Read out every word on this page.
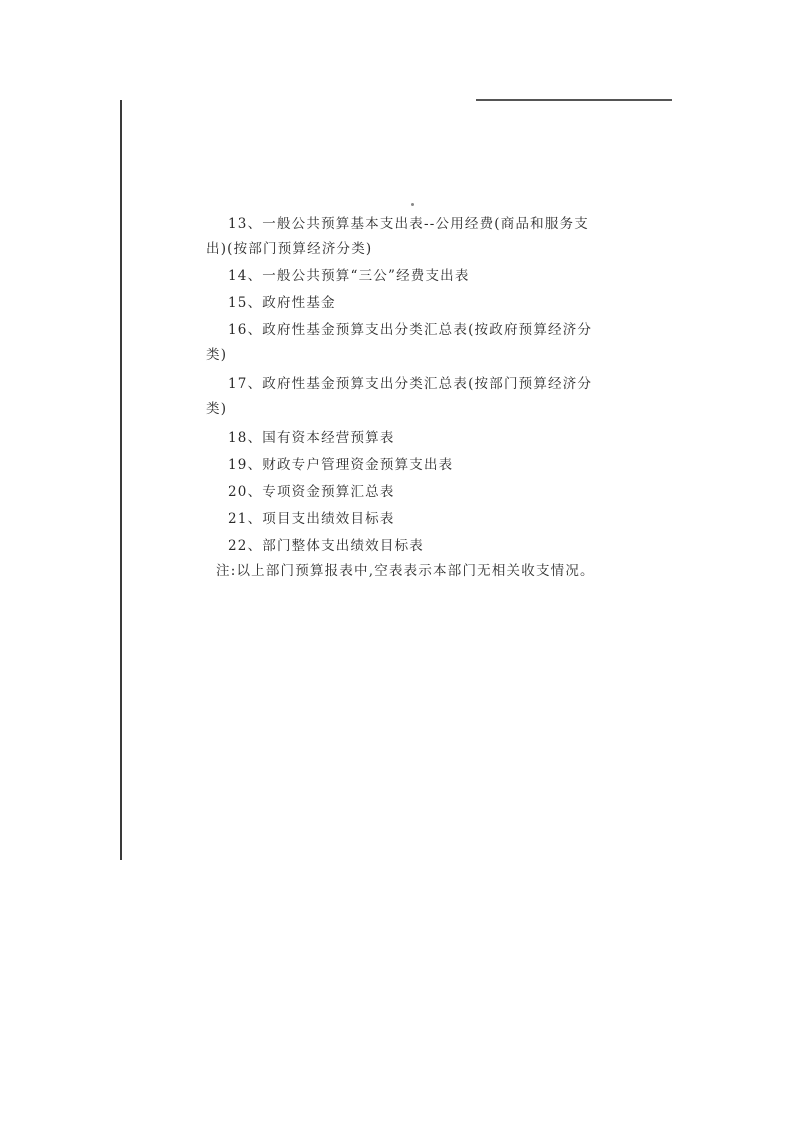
13、一般公共预算基本支出表--公用经费(商品和服务支
出)(按部门预算经济分类)
14、一般公共预算“三公”经费支出表
15、政府性基金
16、政府性基金预算支出分类汇总表(按政府预算经济分
类)
17、政府性基金预算支出分类汇总表(按部门预算经济分
类)
18、国有资本经营预算表
19、财政专户管理资金预算支出表
20、专项资金预算汇总表
21、项目支出绩效目标表
22、部门整体支出绩效目标表
注:以上部门预算报表中,空表表示本部门无相关收支情况。
